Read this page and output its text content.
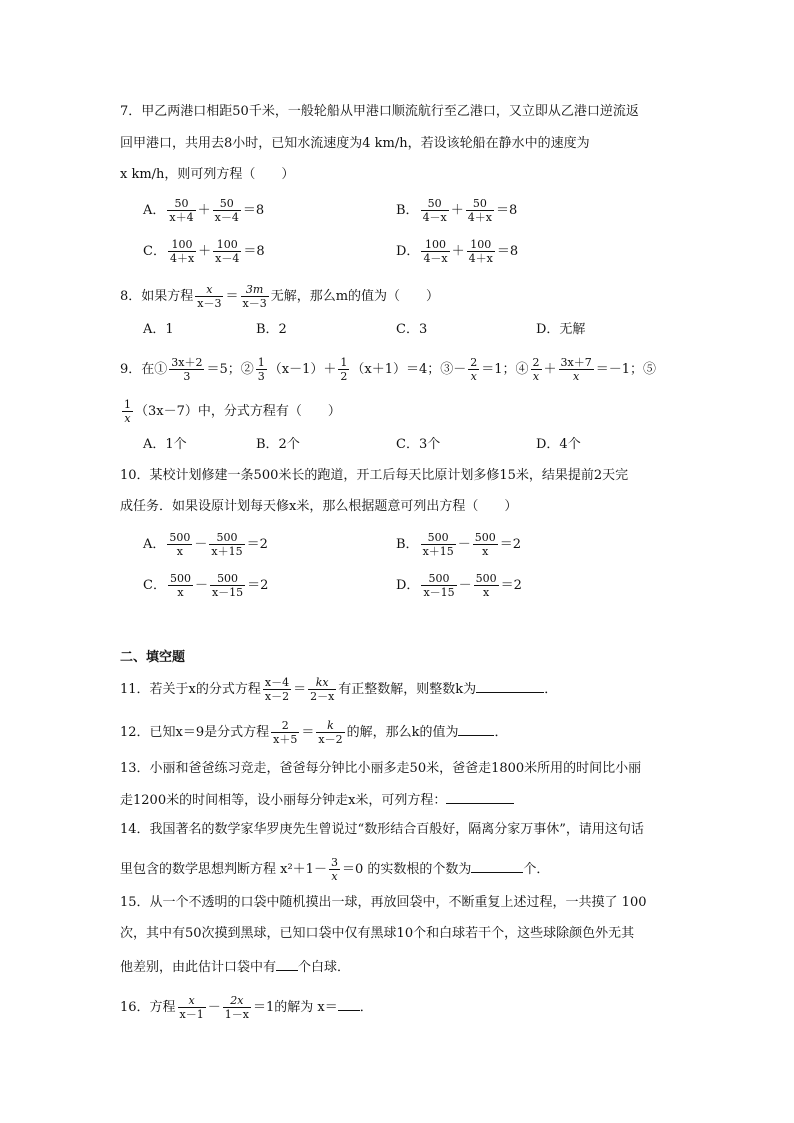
7．甲乙两港口相距50千米，一般轮船从甲港口顺流航行至乙港口，又立即从乙港口逆流返
回甲港口，共用去8小时，已知水流速度为4 km/h，若设该轮船在静水中的速度为
x km/h，则可列方程（　　）
A． $\frac{50}{x+4} + \frac{50}{x-4} =8$	B． $\frac{50}{4-x} + \frac{50}{4+x} =8$
C． $\frac{100}{4+x} + \frac{100}{x-4} =8$	D． $\frac{100}{4-x} + \frac{100}{4+x} =8$
8．如果方程 $\frac{x}{x-3} = \frac{3m}{x-3}$ 无解，那么m的值为（　　）
A．1	B．2	C．3	D．无解
9．在① $\frac{3x+2}{3} =5$；② $\frac{1}{3} (x-1)+ \frac{1}{2} (x+1)=4$；③－ $\frac{2}{x} =1$；④ $\frac{2}{x} + \frac{3x+7}{x} =-1$；⑤
$\frac{1}{x} (3x-7)$中，分式方程有（　　）
A．1个	B．2个	C．3个	D．4个
10．某校计划修建一条500米长的跑道，开工后每天比原计划多修15米，结果提前2天完
成任务．如果设原计划每天修x米，那么根据题意可列出方程（　　）
A． $\frac{500}{x} - \frac{500}{x+15} =2$	B． $\frac{500}{x+15} - \frac{500}{x} =2$
C． $\frac{500}{x} - \frac{500}{x-15} =2$	D． $\frac{500}{x-15} - \frac{500}{x} =2$
二、填空题
11．若关于x的分式方程 $\frac{x-4}{x-2} = \frac{kx}{2-x}$ 有正整数解，则整数k为	．
12．已知x＝9是分式方程 $\frac{2}{x+5} = \frac{k}{x-2}$ 的解，那么k的值为	．
13．小丽和爸爸练习竞走，爸爸每分钟比小丽多走50米，爸爸走1800米所用的时间比小丽
走1200米的时间相等，设小丽每分钟走x米，可列方程：
14．我国著名的数学家华罗庚先生曾说过“数形结合百般好，隔离分家万事休”，请用这句话
里包含的数学思想判断方程 $x^2+1- \frac{3}{x} =0$ 的实数根的个数为	个．
15．从一个不透明的口袋中随机摸出一球，再放回袋中，不断重复上述过程，一共摸了 100
次，其中有50次摸到黑球，已知口袋中仅有黑球10个和白球若干个，这些球除颜色外无其
他差别，由此估计口袋中有 个白球．
16．方程 $\frac{x}{x-1} - \frac{2x}{1-x} =1$的解为 x＝ ．
